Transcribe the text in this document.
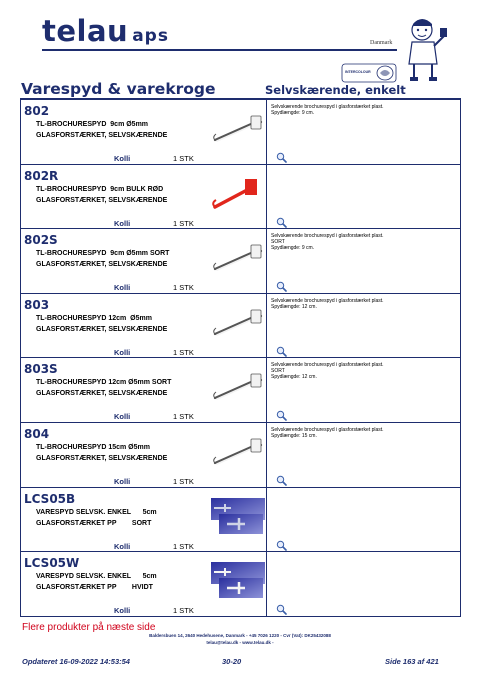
telau aps	Danmark
INTERCOLOUR
Varespyd & varekroge	Selvskærende, enkelt
802
TL-BROCHURESPYD  9cm Ø5mm
GLASFORSTÆRKET, SELVSKÆRENDE
Kolli	1 STK
Selvskærende brochurespyd i glasforstærket plast.
Spydlængde: 9 cm.
802R
TL-BROCHURESPYD  9cm BULK RØD
GLASFORSTÆRKET, SELVSKÆRENDE
Kolli	1 STK
802S
TL-BROCHURESPYD  9cm Ø5mm SORT
GLASFORSTÆRKET, SELVSKÆRENDE
Kolli	1 STK
Selvskærende brochurespyd i glasforstærket plast.
SORT
Spydlængde: 9 cm.
803
TL-BROCHURESPYD 12cm  Ø5mm
GLASFORSTÆRKET, SELVSKÆRENDE
Kolli	1 STK
Selvskærende brochurespyd i glasforstærket plast.
Spydlængde: 12 cm.
803S
TL-BROCHURESPYD 12cm Ø5mm SORT
GLASFORSTÆRKET, SELVSKÆRENDE
Kolli	1 STK
Selvskærende brochurespyd i glasforstærket plast.
SORT
Spydlængde: 12 cm.
804
TL-BROCHURESPYD 15cm Ø5mm
GLASFORSTÆRKET, SELVSKÆRENDE
Kolli	1 STK
Selvskærende brochurespyd i glasforstærket plast.
Spydlængde: 15 cm.
LCS05B
VARESPYD SELVSK. ENKEL      5cm
GLASFORSTÆRKET PP        SORT
Kolli	1 STK
LCS05W
VARESPYD SELVSK. ENKEL      5cm
GLASFORSTÆRKET PP        HVIDT
Kolli	1 STK
Flere produkter på næste side
Baldersbuen 14, 2640 Hedehusene, Danmark - +45 7026 1220 - Cvr (Vat): DK25432088
telau@telau.dk - www.telau.dk -
Opdateret 16-09-2022 14:53:54	30-20	Side 163 af 421
